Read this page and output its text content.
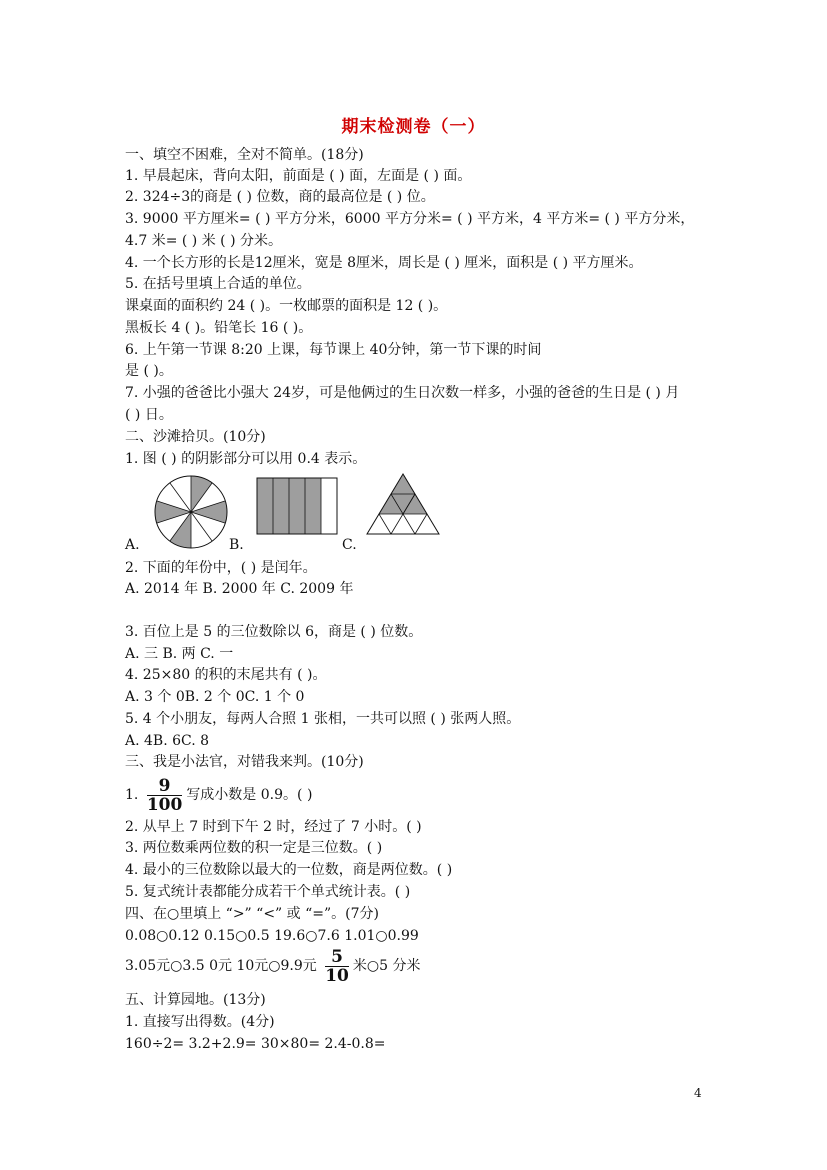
期末检测卷（一）
一、填空不困难，全对不简单。(18分)
1. 早晨起床，背向太阳，前面是 ( ) 面，左面是 ( ) 面。
2. 324÷3的商是 ( ) 位数，商的最高位是 ( ) 位。
3. 9000 平方厘米= ( ) 平方分米，6000 平方分米= ( ) 平方米，4 平方米= ( ) 平方分米，
4.7 米= ( ) 米 ( ) 分米。
4. 一个长方形的长是12厘米，宽是 8厘米，周长是 ( ) 厘米，面积是 ( ) 平方厘米。
5. 在括号里填上合适的单位。
课桌面的面积约 24 ( )。一枚邮票的面积是 12 ( )。
黑板长 4 ( )。铅笔长 16 ( )。
6. 上午第一节课 8:20 上课，每节课上 40分钟，第一节下课的时间
是 ( )。
7. 小强的爸爸比小强大 24岁，可是他俩过的生日次数一样多，小强的爸爸的生日是 ( ) 月
( ) 日。
二、沙滩拾贝。(10分)
1. 图 ( ) 的阴影部分可以用 0.4 表示。
A.	B.	C.
2. 下面的年份中，( ) 是闰年。
A. 2014 年 B. 2000 年 C. 2009 年
3. 百位上是 5 的三位数除以 6，商是 ( ) 位数。
A. 三 B. 两 C. 一
4. 25×80 的积的末尾共有 ( )。
A. 3 个 0B. 2 个 0C. 1 个 0
5. 4 个小朋友，每两人合照 1 张相，一共可以照 ( ) 张两人照。
A. 4B. 6C. 8
三、我是小法官，对错我来判。(10分)
1. $\frac{9}{100}$ 写成小数是 0.9。( )
2. 从早上 7 时到下午 2 时，经过了 7 小时。( )
3. 两位数乘两位数的积一定是三位数。( )
4. 最小的三位数除以最大的一位数，商是两位数。( )
5. 复式统计表都能分成若干个单式统计表。( )
四、在○里填上 “>” “<” 或 “=”。(7分)
0.08○0.12 0.15○0.5 19.6○7.6 1.01○0.99
3.05元○3.5 0元 10元○9.9元 $\frac{5}{10}$ 米○5 分米
五、计算园地。(13分)
1. 直接写出得数。(4分)
160÷2= 3.2+2.9= 30×80= 2.4-0.8=
4
